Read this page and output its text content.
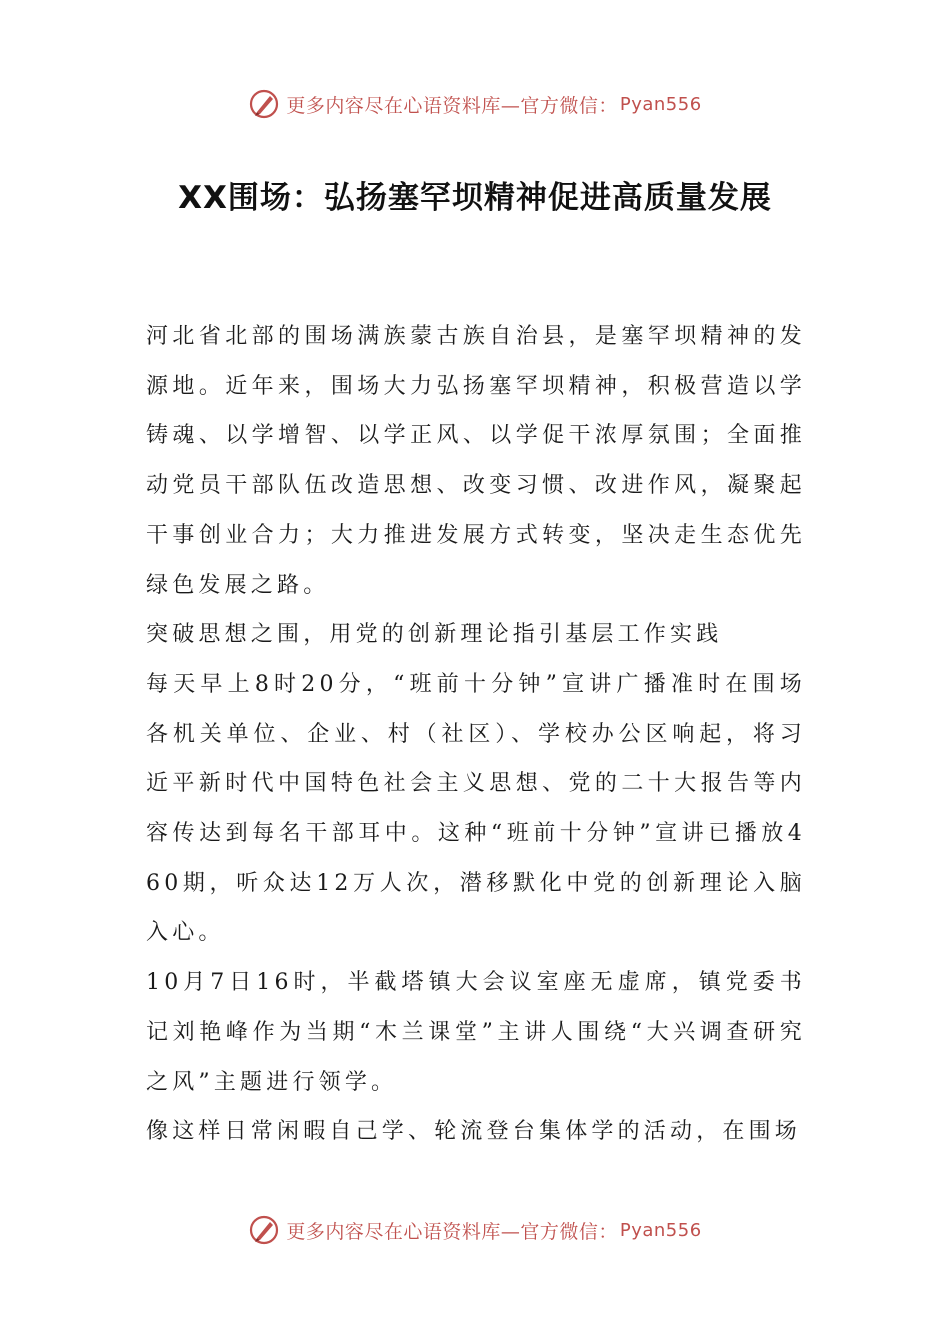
更多内容尽在心语资料库—官方微信： Pyan556
XX围场：弘扬塞罕坝精神促进高质量发展

河北省北部的围场满族蒙古族自治县，是塞罕坝精神的发源地。近年来，围场大力弘扬塞罕坝精神，积极营造以学铸魂、以学增智、以学正风、以学促干浓厚氛围；全面推动党员干部队伍改造思想、改变习惯、改进作风，凝聚起干事创业合力；大力推进发展方式转变，坚决走生态优先绿色发展之路。

突破思想之围，用党的创新理论指引基层工作实践

每天早上8时20分，“班前十分钟”宣讲广播准时在围场各机关单位、企业、村（社区）、学校办公区响起，将习近平新时代中国特色社会主义思想、党的二十大报告等内容传达到每名干部耳中。这种“班前十分钟”宣讲已播放460期，听众达12万人次，潜移默化中党的创新理论入脑入心。

10月7日16时，半截塔镇大会议室座无虚席，镇党委书记刘艳峰作为当期“木兰课堂”主讲人围绕“大兴调查研究之风”主题进行领学。

像这样日常闲暇自己学、轮流登台集体学的活动，在围场

更多内容尽在心语资料库—官方微信： Pyan556
